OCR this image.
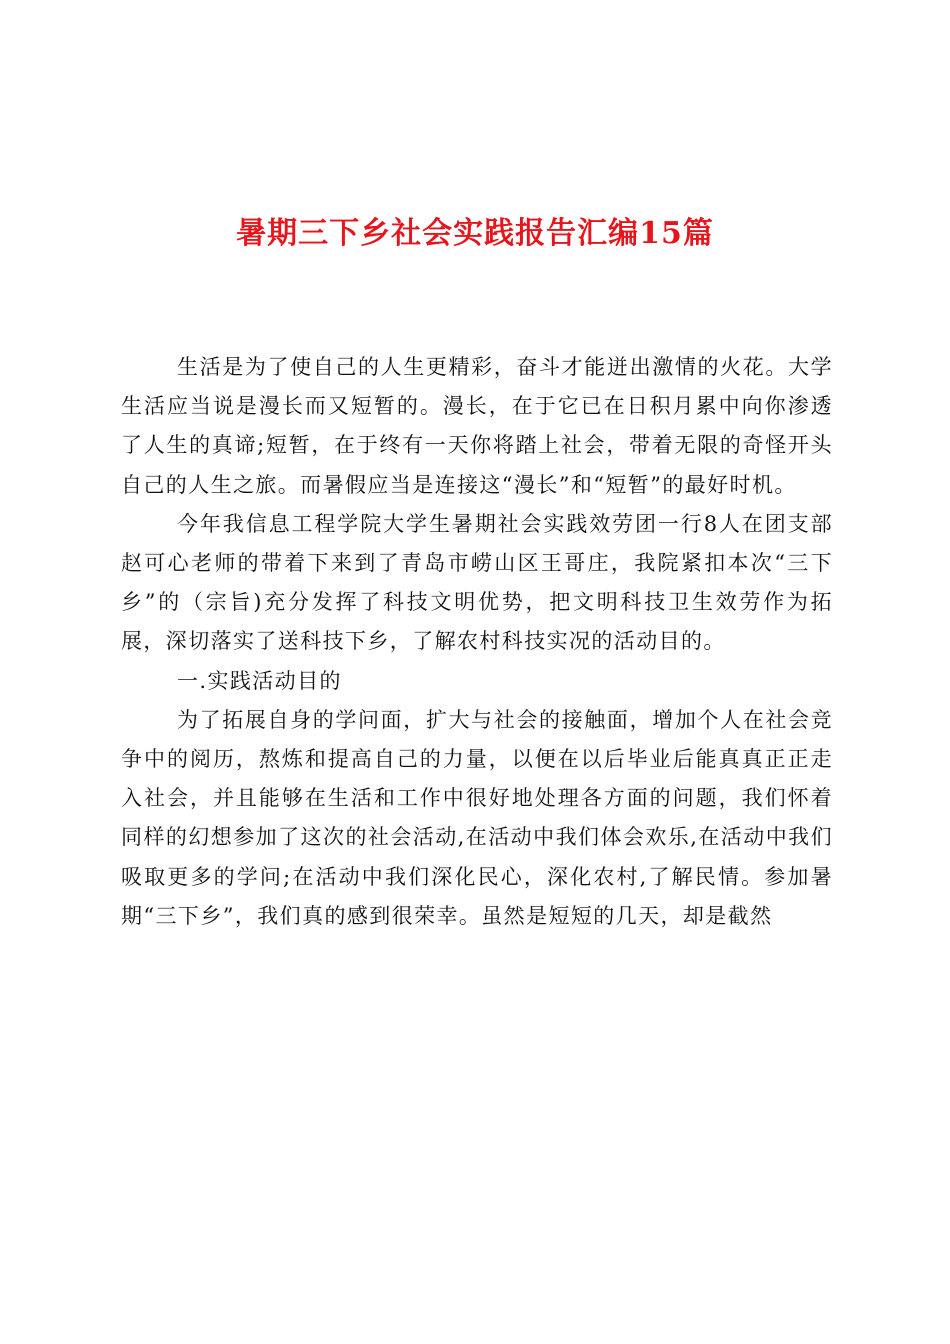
暑期三下乡社会实践报告汇编15篇

生活是为了使自己的人生更精彩，奋斗才能迸出激情的火花。大学生活应当说是漫长而又短暂的。漫长，在于它已在日积月累中向你渗透了人生的真谛;短暂，在于终有一天你将踏上社会，带着无限的奇怪开头自己的人生之旅。而暑假应当是连接这“漫长”和“短暂”的最好时机。

今年我信息工程学院大学生暑期社会实践效劳团一行8人在团支部赵可心老师的带着下来到了青岛市崂山区王哥庄，我院紧扣本次“三下乡”的（宗旨)充分发挥了科技文明优势，把文明科技卫生效劳作为拓展，深切落实了送科技下乡，了解农村科技实况的活动目的。

一.实践活动目的

为了拓展自身的学问面，扩大与社会的接触面，增加个人在社会竞争中的阅历，熬炼和提高自己的力量，以便在以后毕业后能真真正正走入社会，并且能够在生活和工作中很好地处理各方面的问题，我们怀着同样的幻想参加了这次的社会活动,在活动中我们体会欢乐,在活动中我们吸取更多的学问;在活动中我们深化民心，深化农村,了解民情。参加暑期“三下乡”，我们真的感到很荣幸。虽然是短短的几天，却是截然
